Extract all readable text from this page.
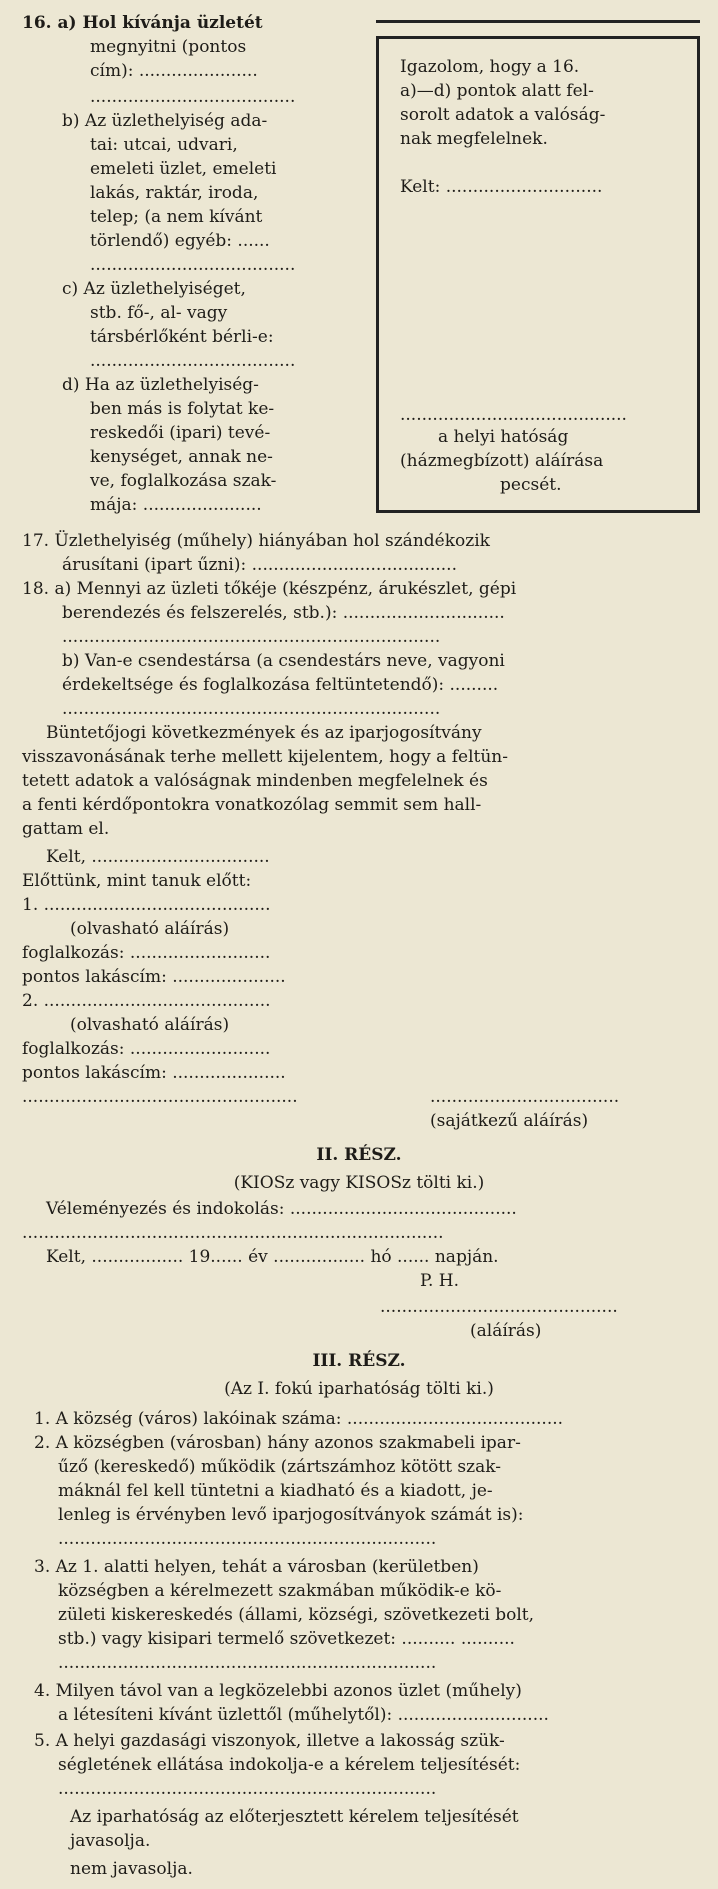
16. a) Hol kívánja üzletét
megnyitni (pontos
cím): ......................
......................................
b) Az üzlethelyiség ada-
tai: utcai, udvari,
emeleti üzlet, emeleti
lakás, raktár, iroda,
telep; (a nem kívánt
törlendő) egyéb: ......
......................................
c) Az üzlethelyiséget,
stb. fő-, al- vagy
társbérlőként bérli-e:
......................................
d) Ha az üzlethelyiség-
ben más is folytat ke-
reskedői (ipari) tevé-
kenységet, annak ne-
ve, foglalkozása szak-
mája: ......................
Igazolom, hogy a 16.
a)—d) pontok alatt fel-
sorolt adatok a valóság-
nak megfelelnek.
Kelt: .............................
..........................................
a helyi hatóság
(házmegbízott) aláírása
pecsét.
17. Üzlethelyiség (műhely) hiányában hol szándékozik
árusítani (ipart űzni): ......................................
18. a) Mennyi az üzleti tőkéje (készpénz, árukészlet, gépi
berendezés és felszerelés, stb.): ..............................
......................................................................
b) Van-e csendestársa (a csendestárs neve, vagyoni
érdekeltsége és foglalkozása feltüntetendő): .........
......................................................................
Büntetőjogi következmények és az iparjogosítvány
visszavonásának terhe mellett kijelentem, hogy a feltün-
tetett adatok a valóságnak mindenben megfelelnek és
a fenti kérdőpontokra vonatkozólag semmit sem hall-
gattam el.
Kelt, .................................
Előttünk, mint tanuk előtt:
1. ..........................................
(olvasható aláírás)
foglalkozás: ..........................
pontos lakáscím: .....................
2. ..........................................
(olvasható aláírás)
foglalkozás: ..........................
pontos lakáscím: .....................
...................................................	...................................
(sajátkezű aláírás)
II. RÉSZ.
(KIOSz vagy KISOSz tölti ki.)
Véleményezés és indokolás: ..........................................
..............................................................................
Kelt, ................. 19...... év ................. hó ...... napján.
P. H.
............................................
(aláírás)
III. RÉSZ.
(Az I. fokú iparhatóság tölti ki.)
1. A község (város) lakóinak száma: ........................................
2. A községben (városban) hány azonos szakmabeli ipar-
űző (kereskedő) működik (zártszámhoz kötött szak-
máknál fel kell tüntetni a kiadható és a kiadott, je-
lenleg is érvényben levő iparjogosítványok számát is):
......................................................................
3. Az 1. alatti helyen, tehát a városban (kerületben)
községben a kérelmezett szakmában működik-e kö-
zületi kiskereskedés (állami, községi, szövetkezeti bolt,
stb.) vagy kisipari termelő szövetkezet: .......... ..........
......................................................................
4. Milyen távol van a legközelebbi azonos üzlet (műhely)
a létesíteni kívánt üzlettől (műhelytől): ............................
5. A helyi gazdasági viszonyok, illetve a lakosság szük-
ségletének ellátása indokolja-e a kérelem teljesítését:
......................................................................
Az iparhatóság az előterjesztett kérelem teljesítését
javasolja.
nem javasolja.
